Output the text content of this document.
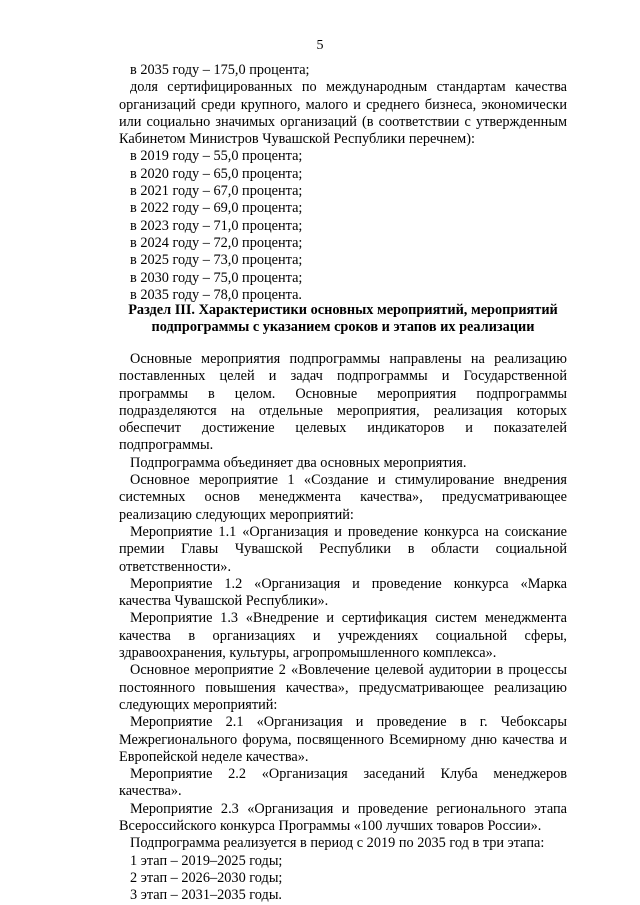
5
в 2035 году – 175,0 процента;

доля сертифицированных по международным стандартам качества организаций среди крупного, малого и среднего бизнеса, экономически или социально значимых организаций (в соответствии с утвержденным Кабинетом Министров Чувашской Республики перечнем):

в 2019 году – 55,0 процента;
в 2020 году – 65,0 процента;
в 2021 году – 67,0 процента;
в 2022 году – 69,0 процента;
в 2023 году – 71,0 процента;
в 2024 году – 72,0 процента;
в 2025 году – 73,0 процента;
в 2030 году – 75,0 процента;
в 2035 году – 78,0 процента.
Раздел III. Характеристики основных мероприятий, мероприятий
подпрограммы с указанием сроков и этапов их реализации

Основные мероприятия подпрограммы направлены на реализацию поставленных целей и задач подпрограммы и Государственной программы в целом. Основные мероприятия подпрограммы подразделяются на отдельные мероприятия, реализация которых обеспечит достижение целевых индикаторов и показателей подпрограммы.

Подпрограмма объединяет два основных мероприятия.

Основное мероприятие 1 «Создание и стимулирование внедрения системных основ менеджмента качества», предусматривающее реализацию следующих мероприятий:

Мероприятие 1.1 «Организация и проведение конкурса на соискание премии Главы Чувашской Республики в области социальной ответственности».

Мероприятие 1.2 «Организация и проведение конкурса «Марка качества Чувашской Республики».

Мероприятие 1.3 «Внедрение и сертификация систем менеджмента качества в организациях и учреждениях социальной сферы, здравоохранения, культуры, агропромышленного комплекса».

Основное мероприятие 2 «Вовлечение целевой аудитории в процессы постоянного повышения качества», предусматривающее реализацию следующих мероприятий:

Мероприятие 2.1 «Организация и проведение в г. Чебоксары Межрегионального форума, посвященного Всемирному дню качества и Европейской неделе качества».

Мероприятие 2.2 «Организация заседаний Клуба менеджеров качества».

Мероприятие 2.3 «Организация и проведение регионального этапа Всероссийского конкурса Программы «100 лучших товаров России».

Подпрограмма реализуется в период с 2019 по 2035 год в три этапа:

1 этап – 2019–2025 годы;
2 этап – 2026–2030 годы;
3 этап – 2031–2035 годы.
